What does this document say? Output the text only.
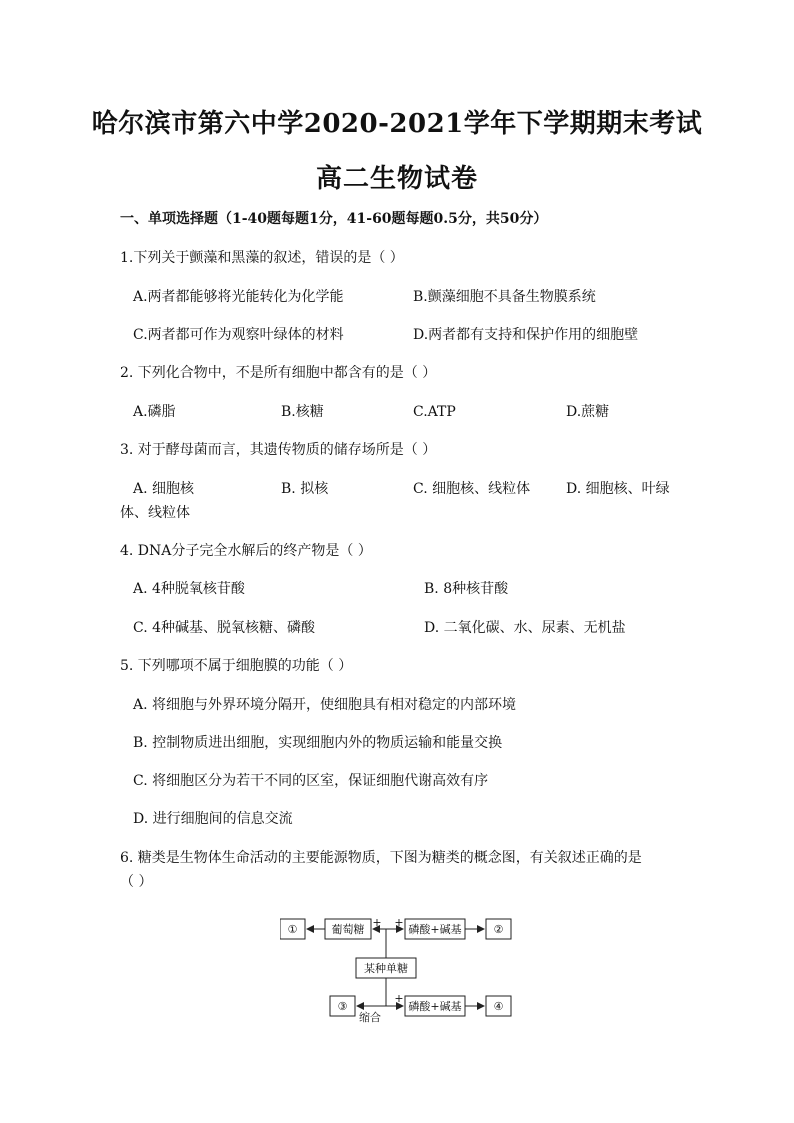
哈尔滨市第六中学2020-2021学年下学期期末考试
高二生物试卷
一、单项选择题（1-40题每题1分，41-60题每题0.5分，共50分）
1.下列关于颤藻和黑藻的叙述，错误的是（ ）
A.两者都能够将光能转化为化学能	B.颤藻细胞不具备生物膜系统
C.两者都可作为观察叶绿体的材料	D.两者都有支持和保护作用的细胞壁
2. 下列化合物中，不是所有细胞中都含有的是（ ）
A.磷脂	B.核糖	C.ATP	D.蔗糖
3. 对于酵母菌而言，其遗传物质的储存场所是（ ）
A. 细胞核	B. 拟核	C. 细胞核、线粒体	D. 细胞核、叶绿
体、线粒体
4. DNA分子完全水解后的终产物是（ ）
A. 4种脱氧核苷酸	B. 8种核苷酸
C. 4种碱基、脱氧核糖、磷酸	D. 二氧化碳、水、尿素、无机盐
5. 下列哪项不属于细胞膜的功能（ ）
A. 将细胞与外界环境分隔开，使细胞具有相对稳定的内部环境
B. 控制物质进出细胞，实现细胞内外的物质运输和能量交换
C. 将细胞区分为若干不同的区室，保证细胞代谢高效有序
D. 进行细胞间的信息交流
6. 糖类是生物体生命活动的主要能源物质，下图为糖类的概念图，有关叙述正确的是
（ ）
①	葡萄糖	磷酸+碱基	②
某种单糖
③	磷酸+碱基	④
缩合
+ +
+
